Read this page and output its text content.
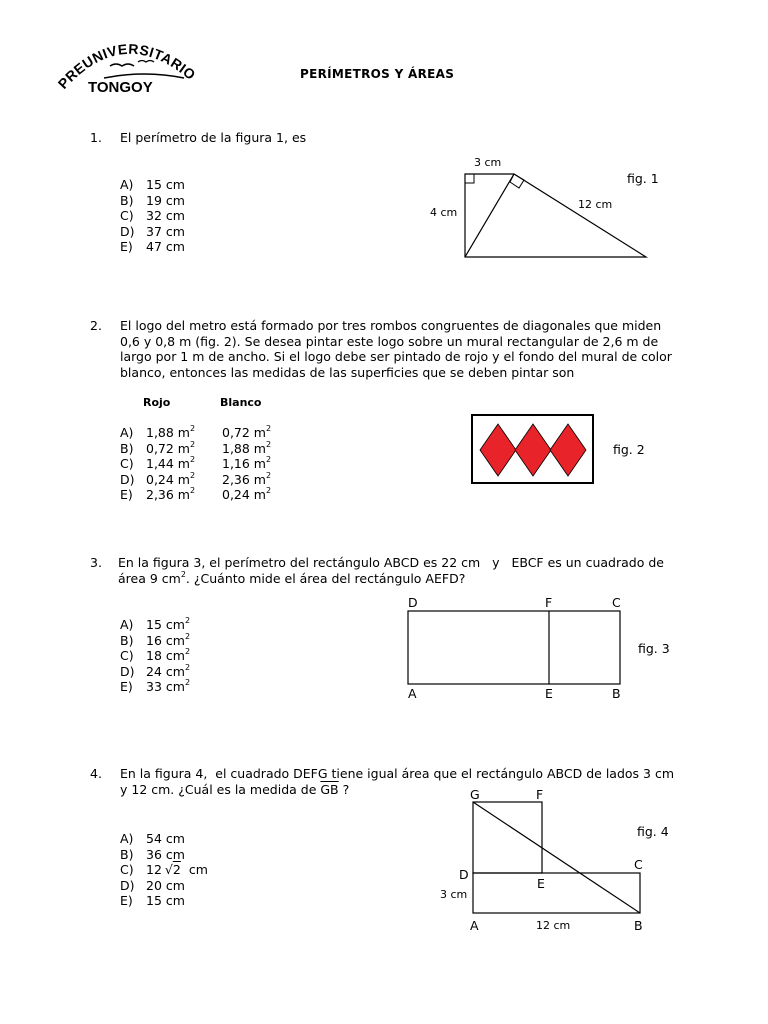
PREUNIVERSITARIO
TONGOY
PERÍMETROS Y ÁREAS
1.	El perímetro de la figura 1, es
A) 15 cm
B) 19 cm
C) 32 cm
D) 37 cm
E) 47 cm
3 cm
4 cm
12 cm
fig. 1
2.	El logo del metro está formado por tres rombos congruentes de diagonales que miden
0,6 y 0,8 m (fig. 2). Se desea pintar este logo sobre un mural rectangular de 2,6 m de
largo por 1 m de ancho. Si el logo debe ser pintado de rojo y el fondo del mural de color
blanco, entonces las medidas de las superficies que se deben pintar son
Rojo	Blanco
A) 1,88 $m^2$ 0,72 $m^2$
B) 0,72 $m^2$ 1,88 $m^2$
C) 1,44 $m^2$ 1,16 $m^2$
D) 0,24 $m^2$ 2,36 $m^2$
E) 2,36 $m^2$ 0,24 $m^2$
fig. 2
3.	En la figura 3, el perímetro del rectángulo ABCD es 22 cm   y   EBCF es un cuadrado de
área 9 $cm^2$. ¿Cuánto mide el área del rectángulo AEFD?
A) 15 $cm^2$
B) 16 $cm^2$
C) 18 $cm^2$
D) 24 $cm^2$
E) 33 $cm^2$
D	F	C
A	E	B
fig. 3
4.	En la figura 4,  el cuadrado DEFG tiene igual área que el rectángulo ABCD de lados 3 cm
y 12 cm. ¿Cuál es la medida de $\overline{GB}$ ?
A) 54 cm
B) 36 cm
C) 12 √2 cm
D) 20 cm
E) 15 cm
G	F
C
D
E
A	B
3 cm
12 cm
fig. 4
